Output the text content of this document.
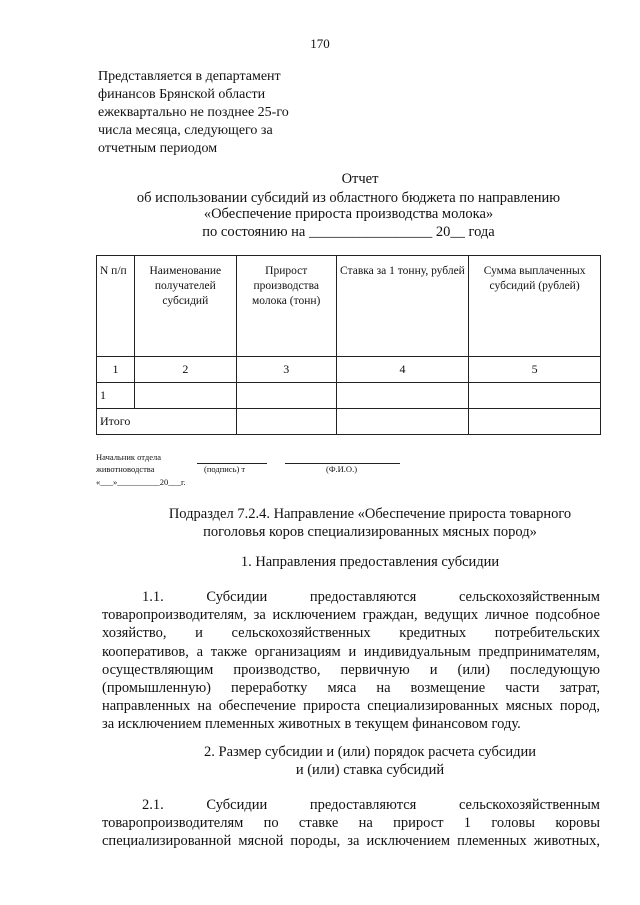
170
Представляется в департамент
финансов Брянской области
ежеквартально не позднее 25-го
числа месяца, следующего за
отчетным периодом
Отчет
об использовании субсидий из областного бюджета по направлению
«Обеспечение прироста производства молока»
по состоянию на _________________ 20__ года
N п/п	Наименование получателей субсидий	Прирост производства молока (тонн)	Ставка за 1 тонну, рублей	Сумма выплаченных субсидий (рублей)
1	2	3	4	5
1				
Итого				
Начальник отдела
животноводства	(подпись) т	(Ф.И.О.)
«___»__________20___г.
Подраздел 7.2.4. Направление «Обеспечение прироста товарного
поголовья коров специализированных мясных пород»
1. Направления предоставления субсидии
1.1. Субсидии предоставляются сельскохозяйственным
товаропроизводителям, за исключением граждан, ведущих личное подсобное
хозяйство, и сельскохозяйственных кредитных потребительских
кооперативов, а также организациям и индивидуальным предпринимателям,
осуществляющим производство, первичную и (или) последующую
(промышленную) переработку мяса на возмещение части затрат,
направленных на обеспечение прироста специализированных мясных пород,
за исключением племенных животных в текущем финансовом году.
2. Размер субсидии и (или) порядок расчета субсидии
и (или) ставка субсидий
2.1. Субсидии предоставляются сельскохозяйственным
товаропроизводителям по ставке на прирост 1 головы коровы
специализированной мясной породы, за исключением племенных животных,
